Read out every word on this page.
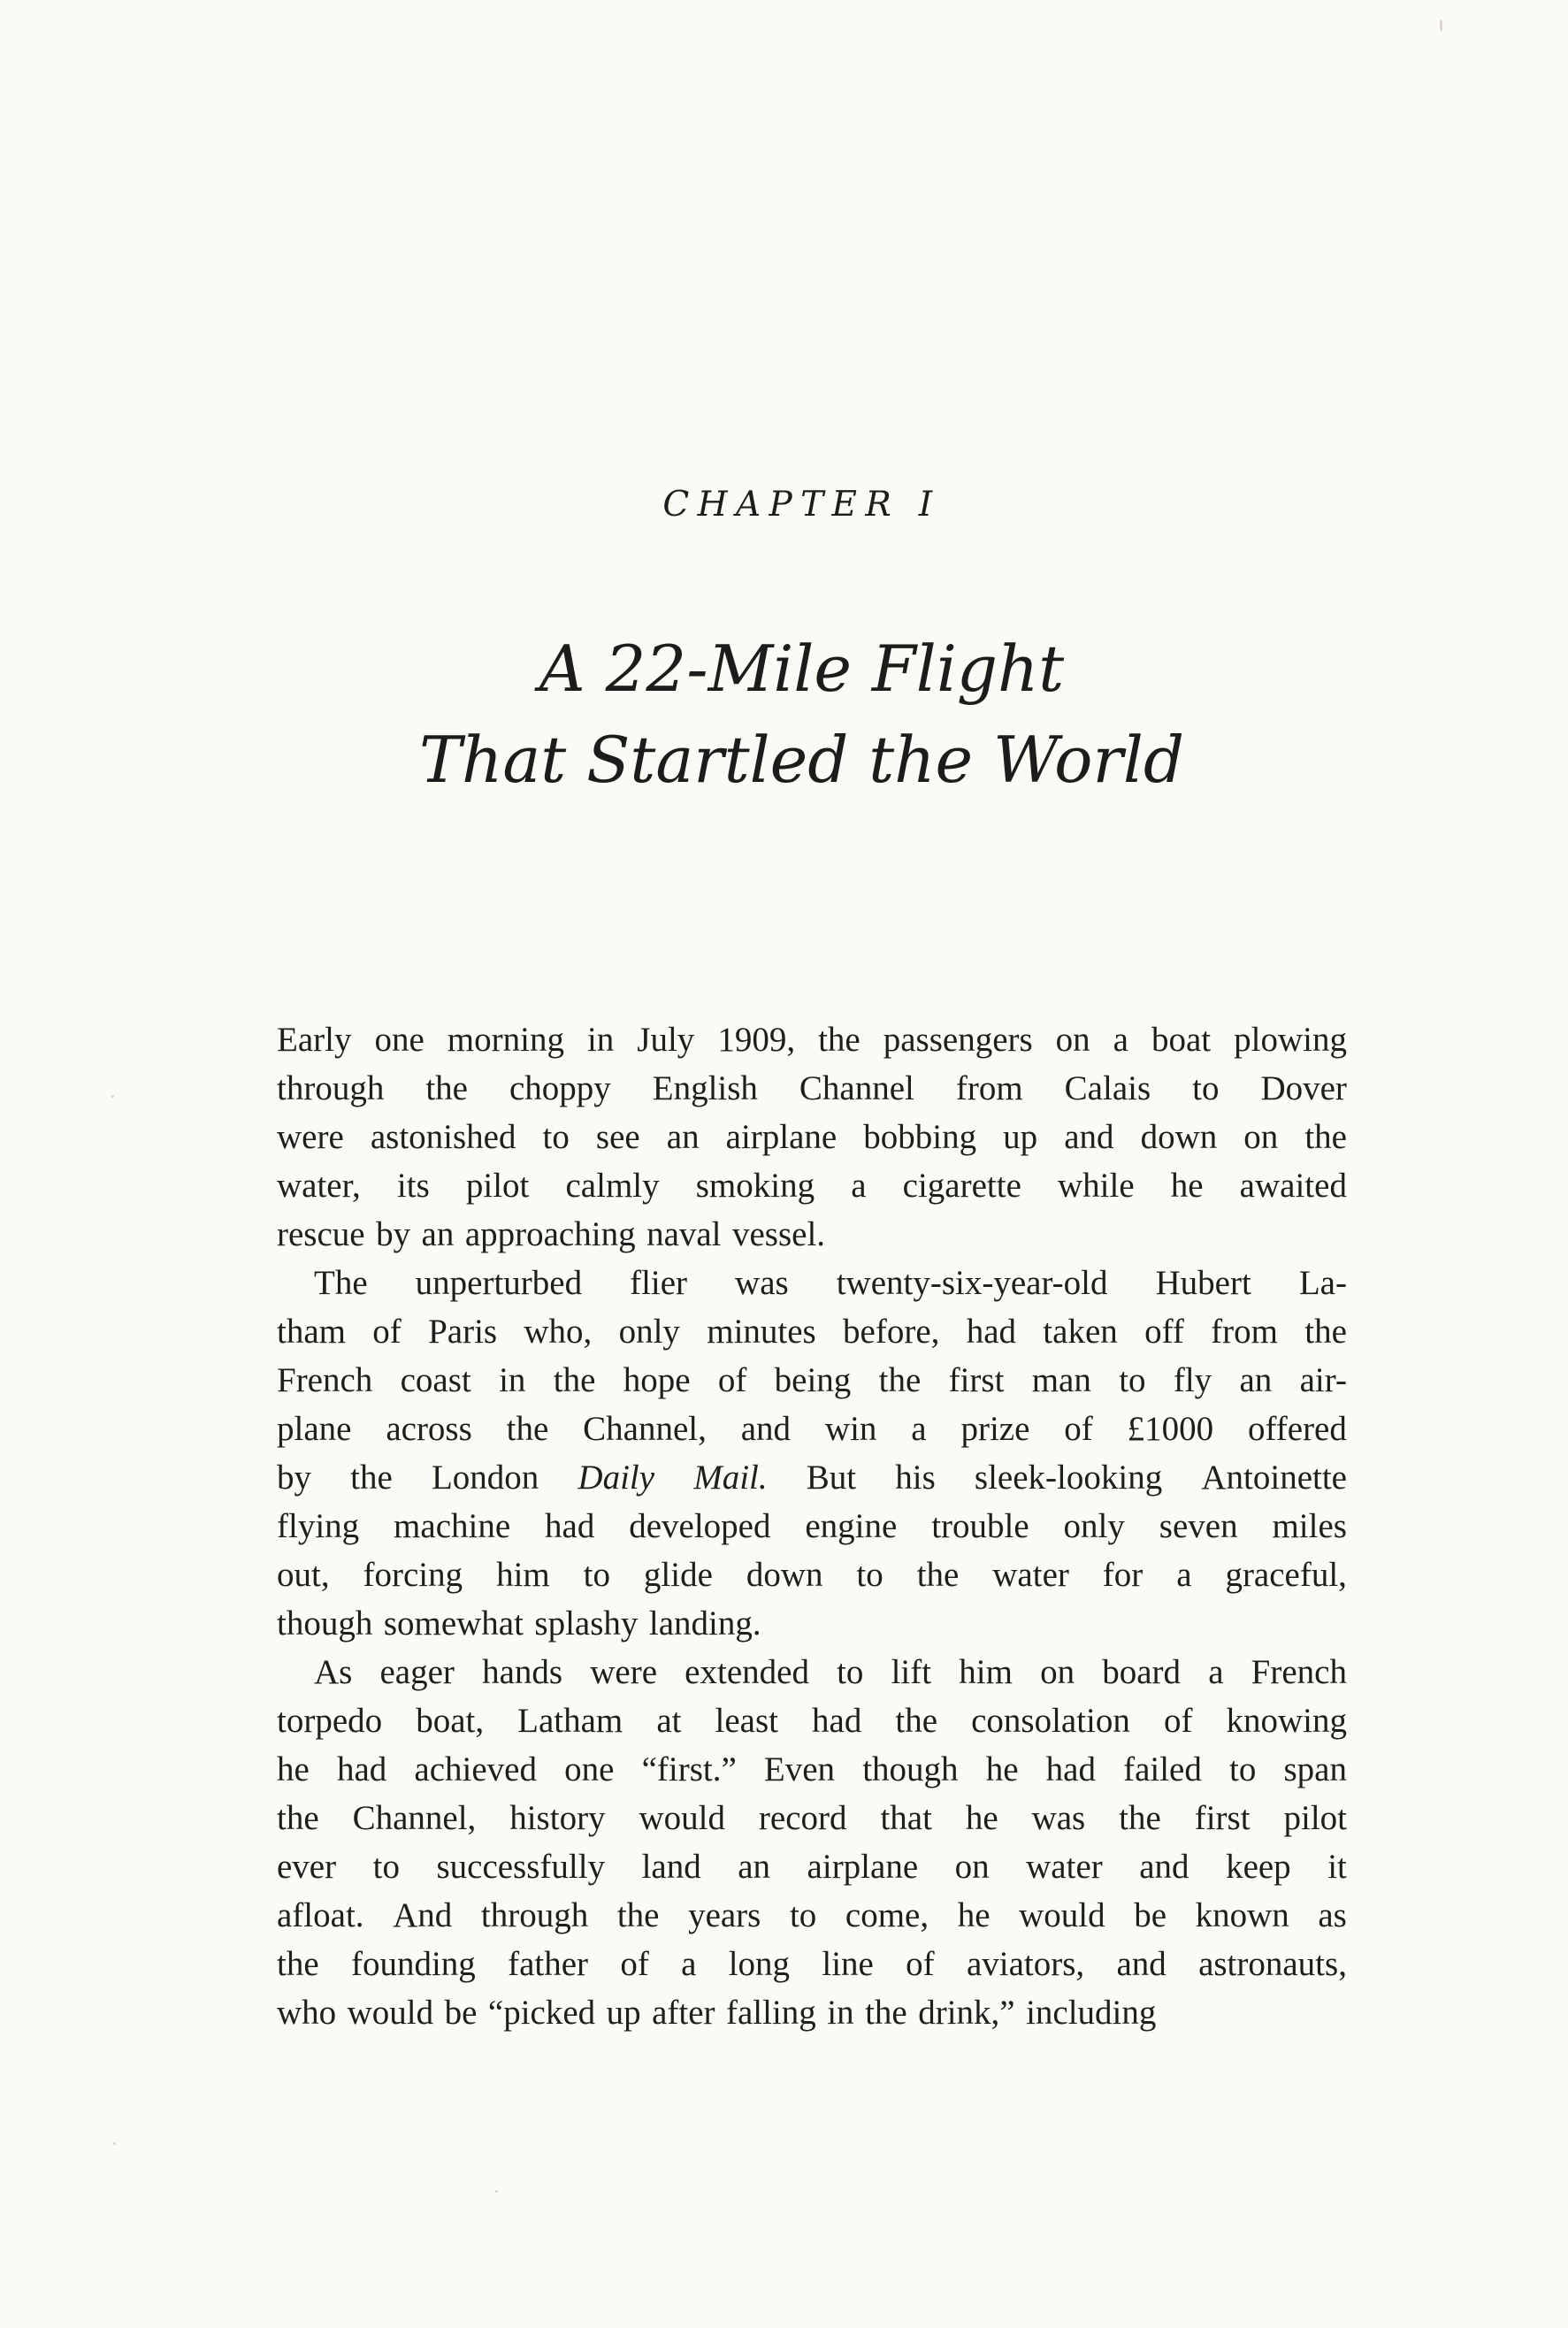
CHAPTER I
A 22-Mile Flight
That Startled the World
Early one morning in July 1909, the passengers on a boat plowing
through the choppy English Channel from Calais to Dover
were astonished to see an airplane bobbing up and down on the
water, its pilot calmly smoking a cigarette while he awaited
rescue by an approaching naval vessel.
The unperturbed flier was twenty-six-year-old Hubert La-
tham of Paris who, only minutes before, had taken off from the
French coast in the hope of being the first man to fly an air-
plane across the Channel, and win a prize of £1000 offered
by the London Daily Mail. But his sleek-looking Antoinette
flying machine had developed engine trouble only seven miles
out, forcing him to glide down to the water for a graceful,
though somewhat splashy landing.
As eager hands were extended to lift him on board a French
torpedo boat, Latham at least had the consolation of knowing
he had achieved one “first.” Even though he had failed to span
the Channel, history would record that he was the first pilot
ever to successfully land an airplane on water and keep it
afloat. And through the years to come, he would be known as
the founding father of a long line of aviators, and astronauts,
who would be “picked up after falling in the drink,” including
